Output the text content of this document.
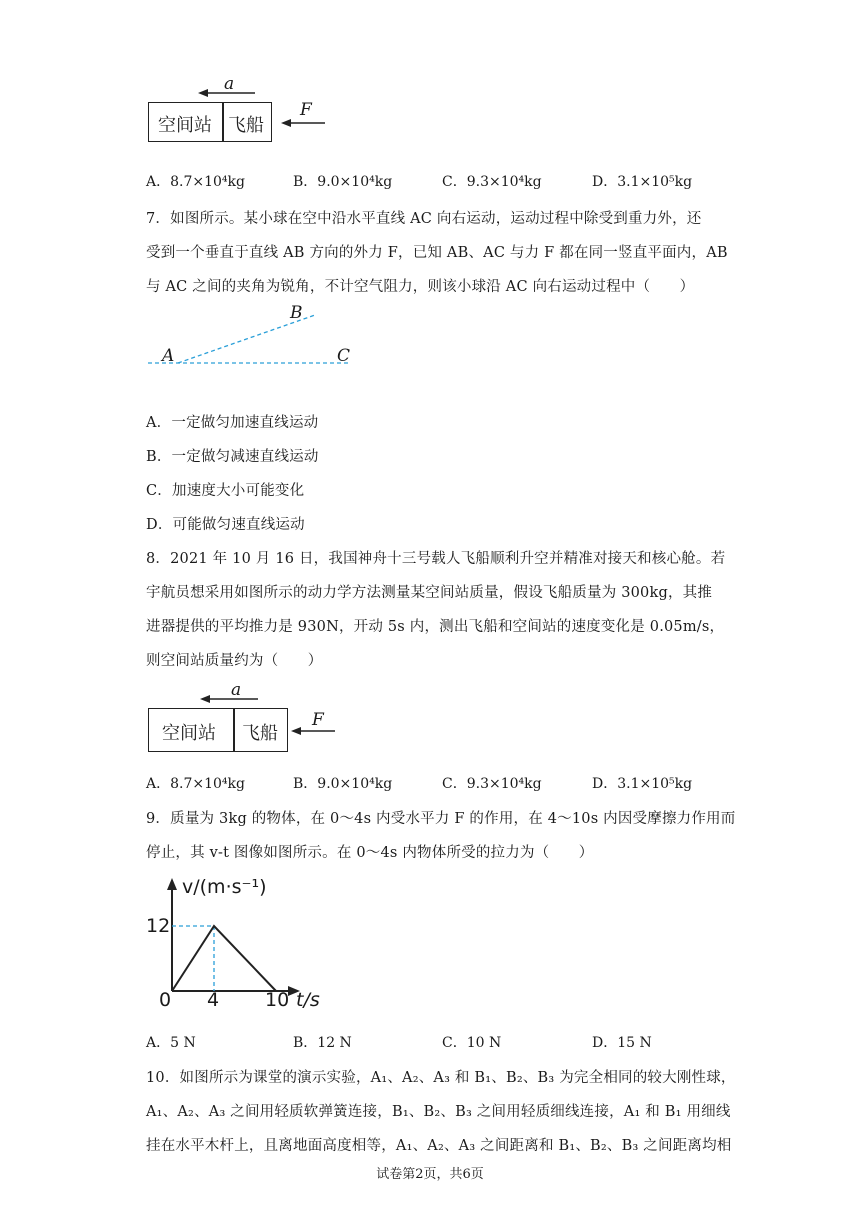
a
F
空间站 飞船
A．8.7×10⁴kg	B．9.0×10⁴kg	C．9.3×10⁴kg	D．3.1×10⁵kg
7．如图所示。某小球在空中沿水平直线 AC 向右运动，运动过程中除受到重力外，还
受到一个垂直于直线 AB 方向的外力 F，已知 AB、AC 与力 F 都在同一竖直平面内，AB
与 AC 之间的夹角为锐角，不计空气阻力，则该小球沿 AC 向右运动过程中（　　）
A
B
C
A．一定做匀加速直线运动
B．一定做匀减速直线运动
C．加速度大小可能变化
D．可能做匀速直线运动
8．2021 年 10 月 16 日，我国神舟十三号载人飞船顺利升空并精准对接天和核心舱。若
宇航员想采用如图所示的动力学方法测量某空间站质量，假设飞船质量为 300kg，其推
进器提供的平均推力是 930N，开动 5s 内，测出飞船和空间站的速度变化是 0.05m/s，
则空间站质量约为（　　）
a
F
空间站 飞船
A．8.7×10⁴kg	B．9.0×10⁴kg	C．9.3×10⁴kg	D．3.1×10⁵kg
9．质量为 3kg 的物体，在 0～4s 内受水平力 F 的作用，在 4～10s 内因受摩擦力作用而
停止，其 v-t 图像如图所示。在 0～4s 内物体所受的拉力为（　　）
v/(m·s⁻¹)
12
0 4 10 t/s
A．5 N	B．12 N	C．10 N	D．15 N
10．如图所示为课堂的演示实验，A₁、A₂、A₃ 和 B₁、B₂、B₃ 为完全相同的较大刚性球，
A₁、A₂、A₃ 之间用轻质软弹簧连接，B₁、B₂、B₃ 之间用轻质细线连接，A₁ 和 B₁ 用细线
挂在水平木杆上，且离地面高度相等，A₁、A₂、A₃ 之间距离和 B₁、B₂、B₃ 之间距离均相
试卷第2页，共6页
